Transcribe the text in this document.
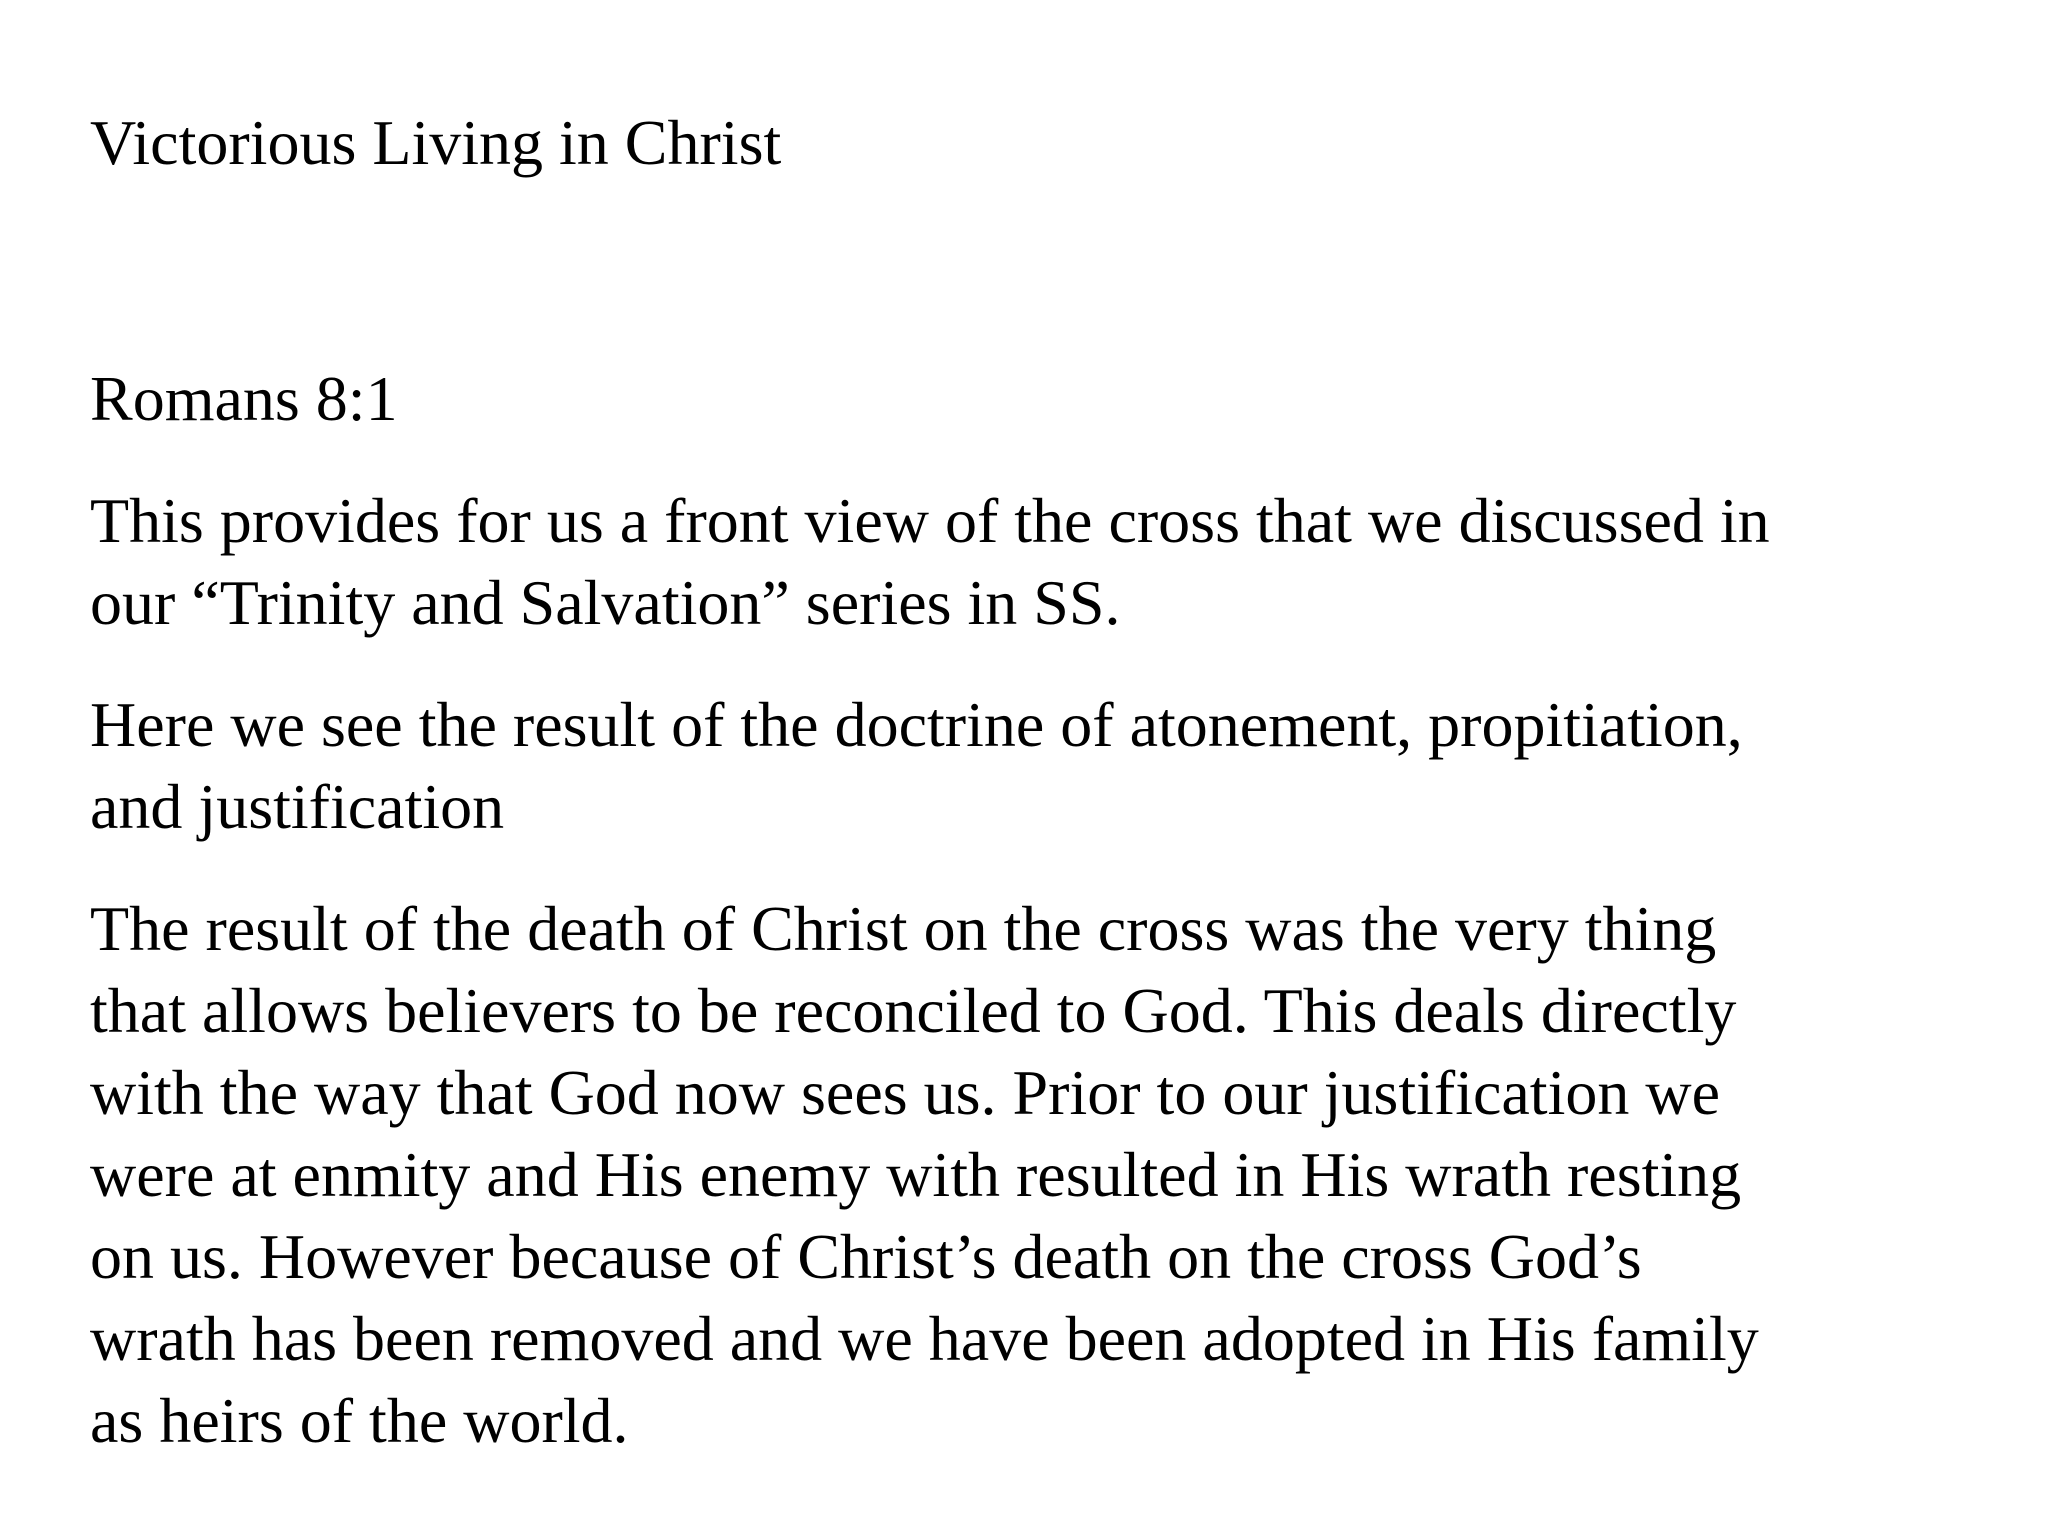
Victorious Living in Christ

Romans 8:1

This provides for us a front view of the cross that we discussed in
our “Trinity and Salvation” series in SS.

Here we see the result of the doctrine of atonement, propitiation,
and justification

The result of the death of Christ on the cross was the very thing
that allows believers to be reconciled to God. This deals directly
with the way that God now sees us. Prior to our justification we
were at enmity and His enemy with resulted in His wrath resting
on us. However because of Christ’s death on the cross God’s
wrath has been removed and we have been adopted in His family
as heirs of the world.
